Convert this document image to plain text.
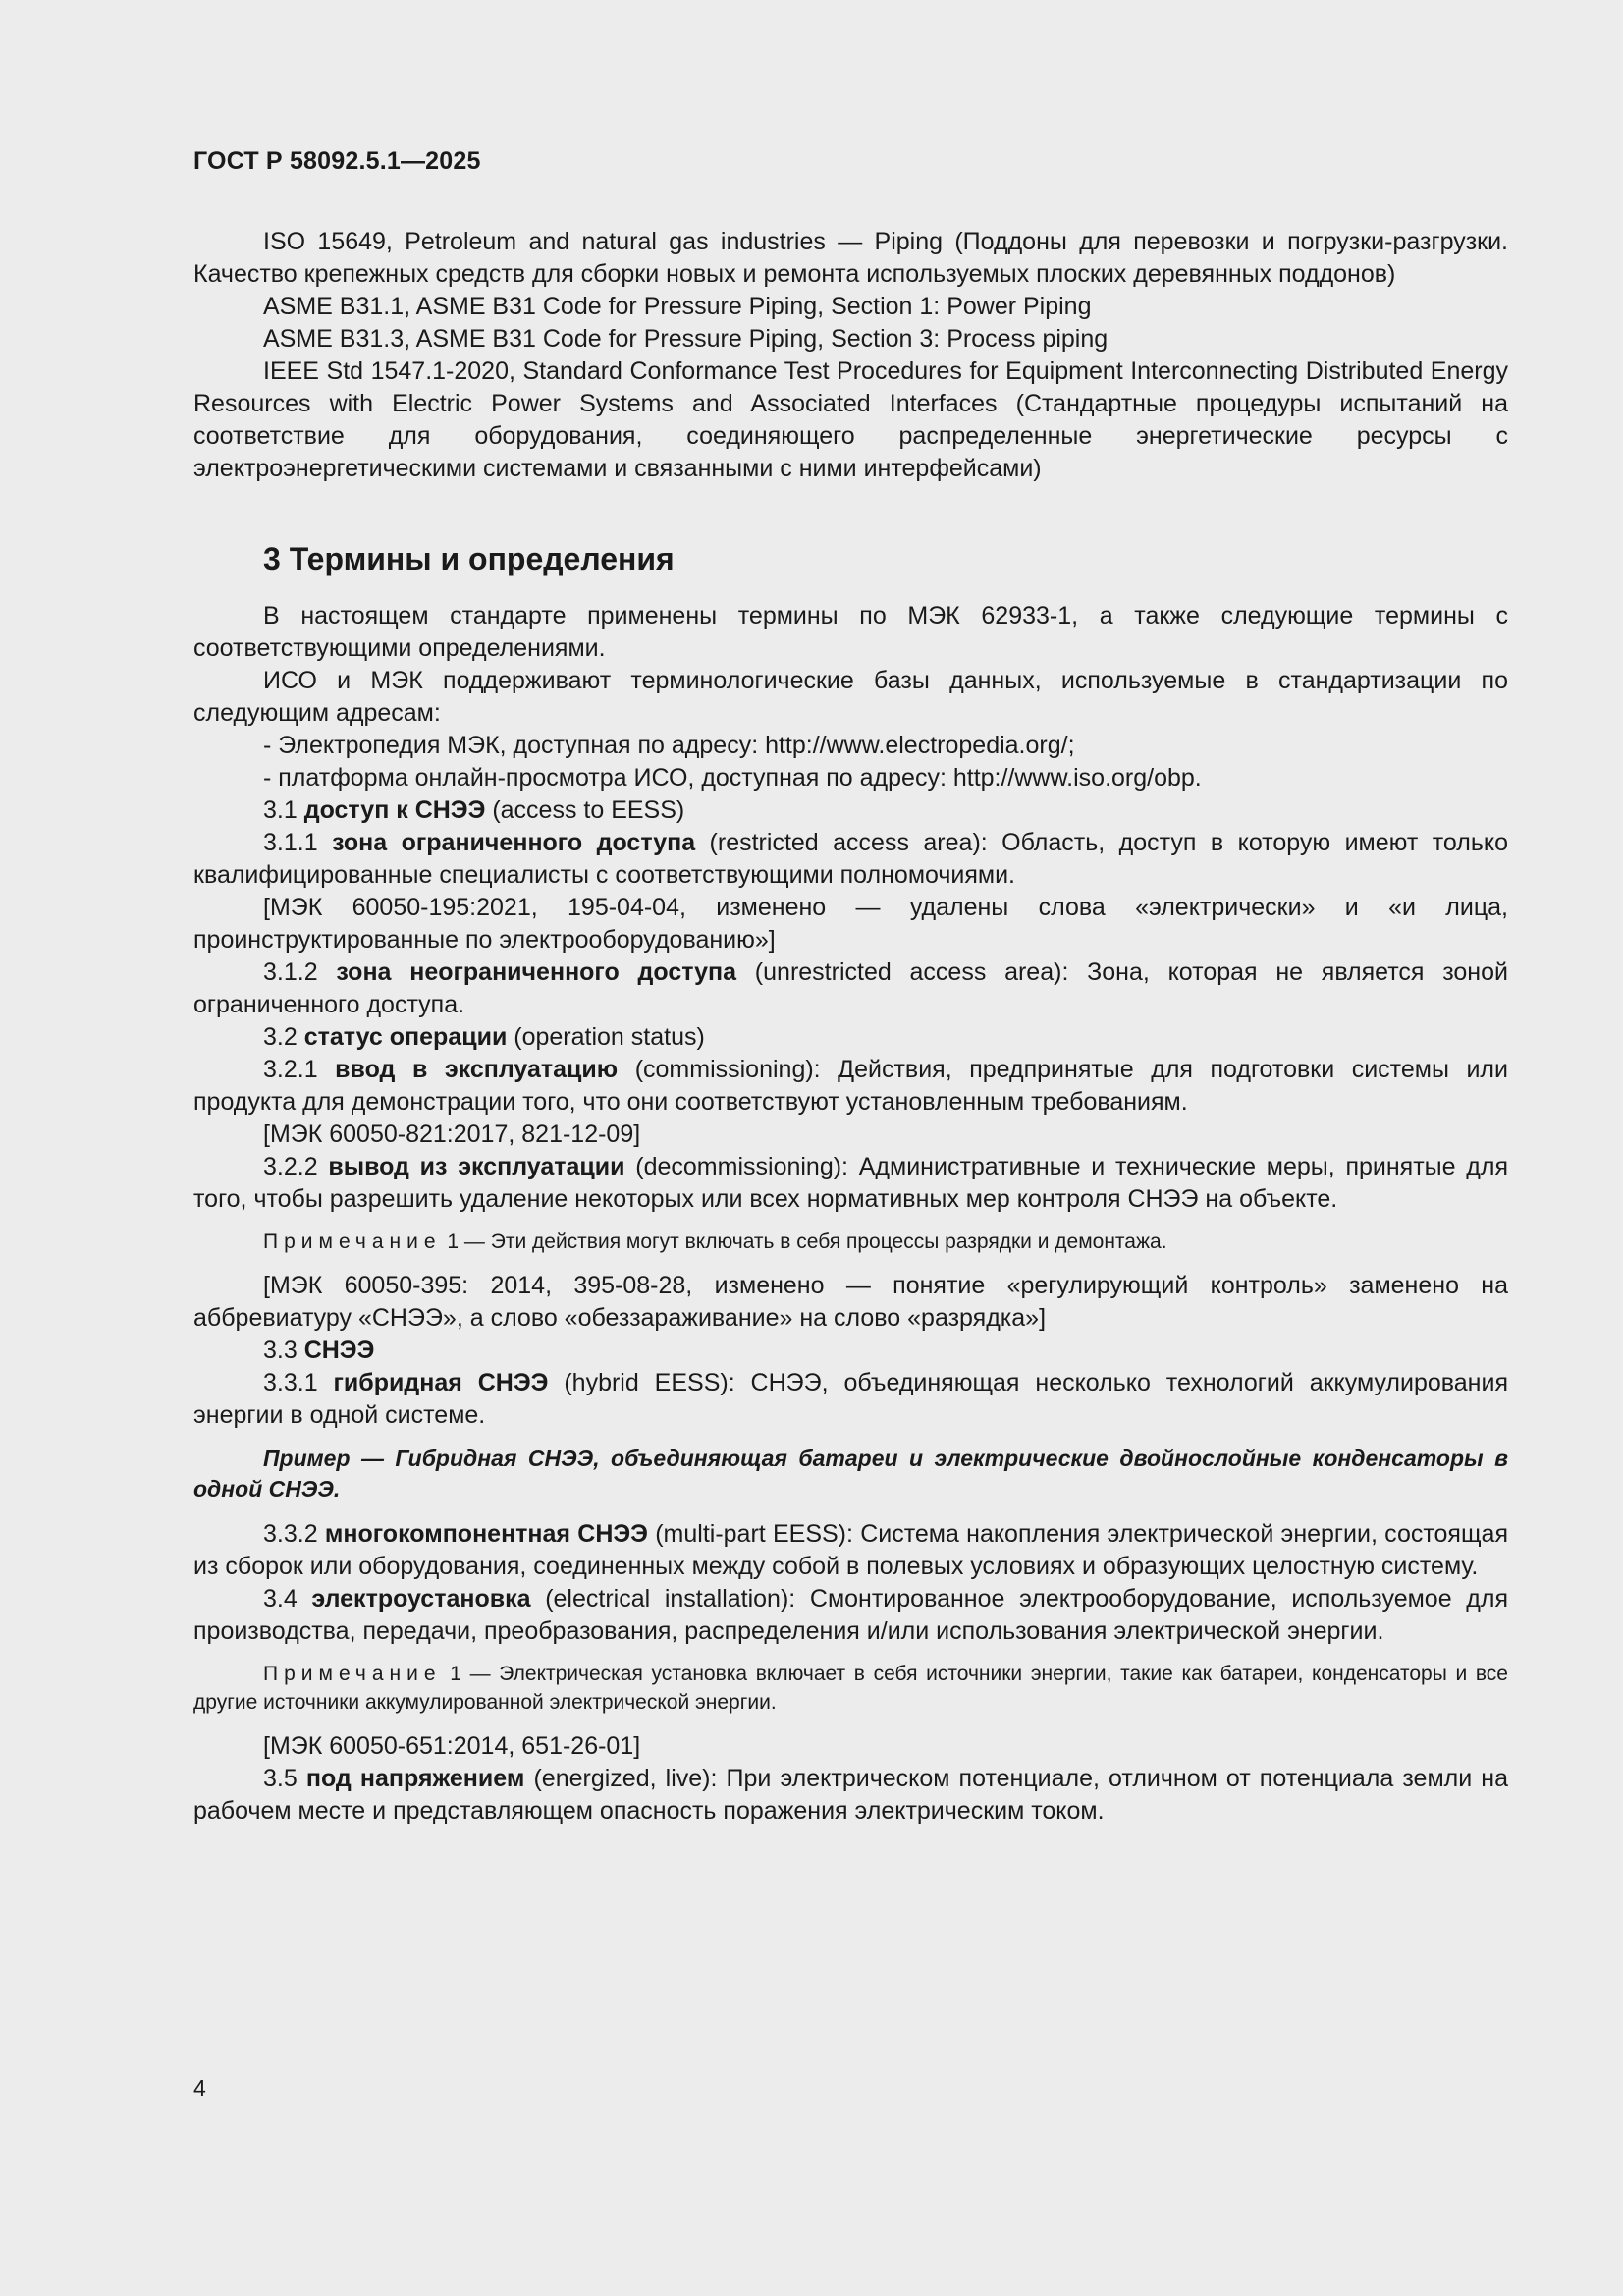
ГОСТ Р 58092.5.1—2025

ISO 15649, Petroleum and natural gas industries — Piping (Поддоны для перевозки и погрузки-разгрузки. Качество крепежных средств для сборки новых и ремонта используемых плоских деревянных поддонов)

ASME B31.1, ASME B31 Code for Pressure Piping, Section 1: Power Piping

ASME B31.3, ASME B31 Code for Pressure Piping, Section 3: Process piping

IEEE Std 1547.1-2020, Standard Conformance Test Procedures for Equipment Interconnecting Distributed Energy Resources with Electric Power Systems and Associated Interfaces (Стандартные процедуры испытаний на соответствие для оборудования, соединяющего распределенные энергетические ресурсы с электроэнергетическими системами и связанными с ними интерфейсами)

3 Термины и определения

В настоящем стандарте применены термины по МЭК 62933-1, а также следующие термины с соответствующими определениями.

ИСО и МЭК поддерживают терминологические базы данных, используемые в стандартизации по следующим адресам:

- Электропедия МЭК, доступная по адресу: http://www.electropedia.org/;

- платформа онлайн-просмотра ИСО, доступная по адресу: http://www.iso.org/obp.

3.1 доступ к СНЭЭ (access to EESS)

3.1.1 зона ограниченного доступа (restricted access area): Область, доступ в которую имеют только квалифицированные специалисты с соответствующими полномочиями.

[МЭК 60050-195:2021, 195-04-04, изменено — удалены слова «электрически» и «и лица, проинструктированные по электрооборудованию»]

3.1.2 зона неограниченного доступа (unrestricted access area): Зона, которая не является зоной ограниченного доступа.

3.2 статус операции (operation status)

3.2.1 ввод в эксплуатацию (commissioning): Действия, предпринятые для подготовки системы или продукта для демонстрации того, что они соответствуют установленным требованиям.

[МЭК 60050-821:2017, 821-12-09]

3.2.2 вывод из эксплуатации (decommissioning): Административные и технические меры, принятые для того, чтобы разрешить удаление некоторых или всех нормативных мер контроля СНЭЭ на объекте.

Примечание 1 — Эти действия могут включать в себя процессы разрядки и демонтажа.

[МЭК 60050-395: 2014, 395-08-28, изменено — понятие «регулирующий контроль» заменено на аббревиатуру «СНЭЭ», а слово «обеззараживание» на слово «разрядка»]

3.3 СНЭЭ

3.3.1 гибридная СНЭЭ (hybrid EESS): СНЭЭ, объединяющая несколько технологий аккумулирования энергии в одной системе.

Пример — Гибридная СНЭЭ, объединяющая батареи и электрические двойнослойные конденсаторы в одной СНЭЭ.

3.3.2 многокомпонентная СНЭЭ (multi-part EESS): Система накопления электрической энергии, состоящая из сборок или оборудования, соединенных между собой в полевых условиях и образующих целостную систему.

3.4 электроустановка (electrical installation): Смонтированное электрооборудование, используемое для производства, передачи, преобразования, распределения и/или использования электрической энергии.

Примечание 1 — Электрическая установка включает в себя источники энергии, такие как батареи, конденсаторы и все другие источники аккумулированной электрической энергии.

[МЭК 60050-651:2014, 651-26-01]

3.5 под напряжением (energized, live): При электрическом потенциале, отличном от потенциала земли на рабочем месте и представляющем опасность поражения электрическим током.

4
